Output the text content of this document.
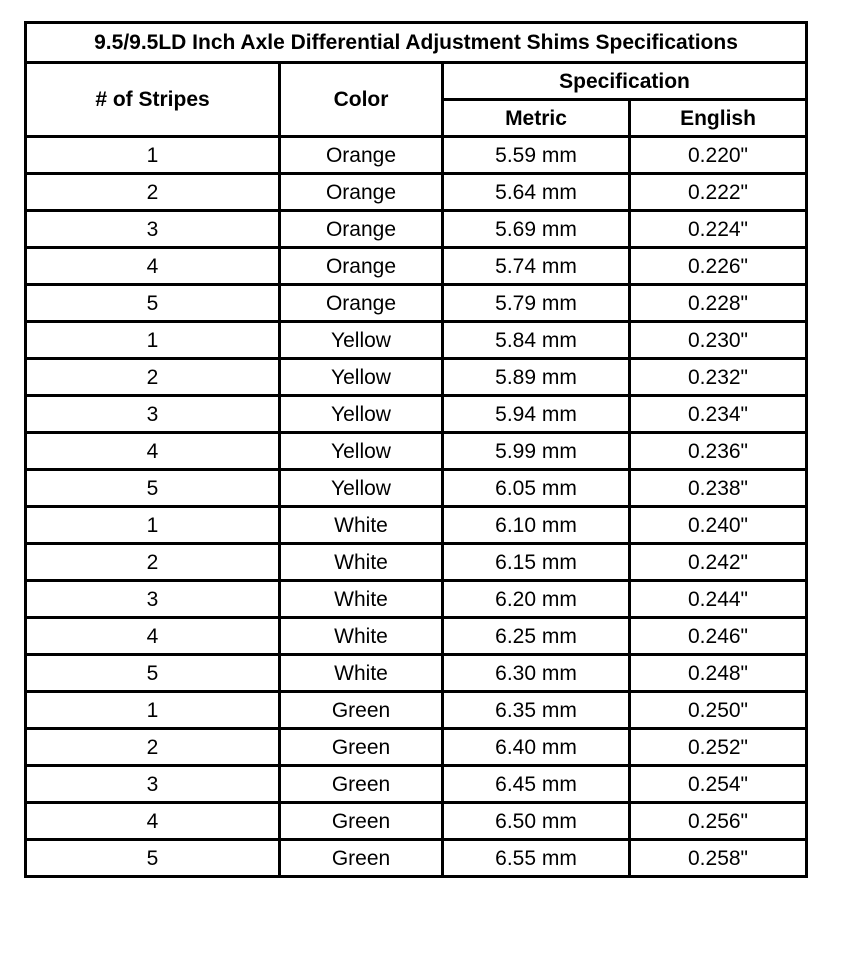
9.5/9.5LD Inch Axle Differential Adjustment Shims Specifications			
# of Stripes	Color	Specification	
		Metric	English
1	Orange	5.59 mm	0.220"
2	Orange	5.64 mm	0.222"
3	Orange	5.69 mm	0.224"
4	Orange	5.74 mm	0.226"
5	Orange	5.79 mm	0.228"
1	Yellow	5.84 mm	0.230"
2	Yellow	5.89 mm	0.232"
3	Yellow	5.94 mm	0.234"
4	Yellow	5.99 mm	0.236"
5	Yellow	6.05 mm	0.238"
1	White	6.10 mm	0.240"
2	White	6.15 mm	0.242"
3	White	6.20 mm	0.244"
4	White	6.25 mm	0.246"
5	White	6.30 mm	0.248"
1	Green	6.35 mm	0.250"
2	Green	6.40 mm	0.252"
3	Green	6.45 mm	0.254"
4	Green	6.50 mm	0.256"
5	Green	6.55 mm	0.258"
